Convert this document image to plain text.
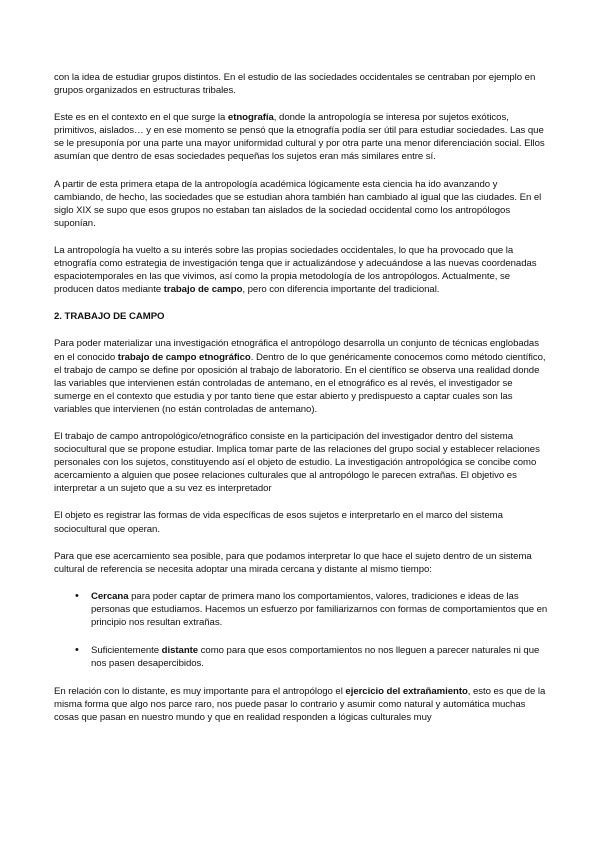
con la idea de estudiar grupos distintos. En el estudio de las sociedades occidentales se centraban por ejemplo en grupos organizados en estructuras tribales.

Este es en el contexto en el que surge la etnografía, donde la antropología se interesa por sujetos exóticos, primitivos, aislados… y en ese momento se pensó que la etnografía podía ser útil para estudiar sociedades. Las que se le presuponía por una parte una mayor uniformidad cultural y por otra parte una menor diferenciación social. Ellos asumían que dentro de esas sociedades pequeñas los sujetos eran más similares entre sí.

A partir de esta primera etapa de la antropología académica lógicamente esta ciencia ha ido avanzando y cambiando, de hecho, las sociedades que se estudian ahora también han cambiado al igual que las ciudades. En el siglo XIX se supo que esos grupos no estaban tan aislados de la sociedad occidental como los antropólogos suponían.

La antropología ha vuelto a su interés sobre las propias sociedades occidentales, lo que ha provocado que la etnografía como estrategia de investigación tenga que ir actualizándose y adecuándose a las nuevas coordenadas espaciotemporales en las que vivimos, así como la propia metodología de los antropólogos. Actualmente, se producen datos mediante trabajo de campo, pero con diferencia importante del tradicional.

2. TRABAJO DE CAMPO

Para poder materializar una investigación etnográfica el antropólogo desarrolla un conjunto de técnicas englobadas en el conocido trabajo de campo etnográfico. Dentro de lo que genéricamente conocemos como método científico, el trabajo de campo se define por oposición al trabajo de laboratorio. En el científico se observa una realidad donde las variables que intervienen están controladas de antemano, en el etnográfico es al revés, el investigador se sumerge en el contexto que estudia y por tanto tiene que estar abierto y predispuesto a captar cuales son las variables que intervienen (no están controladas de antemano).

El trabajo de campo antropológico/etnográfico consiste en la participación del investigador dentro del sistema sociocultural que se propone estudiar. Implica tomar parte de las relaciones del grupo social y establecer relaciones personales con los sujetos, constituyendo así el objeto de estudio. La investigación antropológica se concibe como acercamiento a alguien que posee relaciones culturales que al antropólogo le parecen extrañas. El objetivo es interpretar a un sujeto que a su vez es interpretador

El objeto es registrar las formas de vida específicas de esos sujetos e interpretarlo en el marco del sistema sociocultural que operan.

Para que ese acercamiento sea posible, para que podamos interpretar lo que hace el sujeto dentro de un sistema cultural de referencia se necesita adoptar una mirada cercana y distante al mismo tiempo:

• Cercana para poder captar de primera mano los comportamientos, valores, tradiciones e ideas de las personas que estudiamos. Hacemos un esfuerzo por familiarizarnos con formas de comportamientos que en principio nos resultan extrañas.
• Suficientemente distante como para que esos comportamientos no nos lleguen a parecer naturales ni que nos pasen desapercibidos.

En relación con lo distante, es muy importante para el antropólogo el ejercicio del extrañamiento, esto es que de la misma forma que algo nos parce raro, nos puede pasar lo contrario y asumir como natural y automática muchas cosas que pasan en nuestro mundo y que en realidad responden a lógicas culturales muy
